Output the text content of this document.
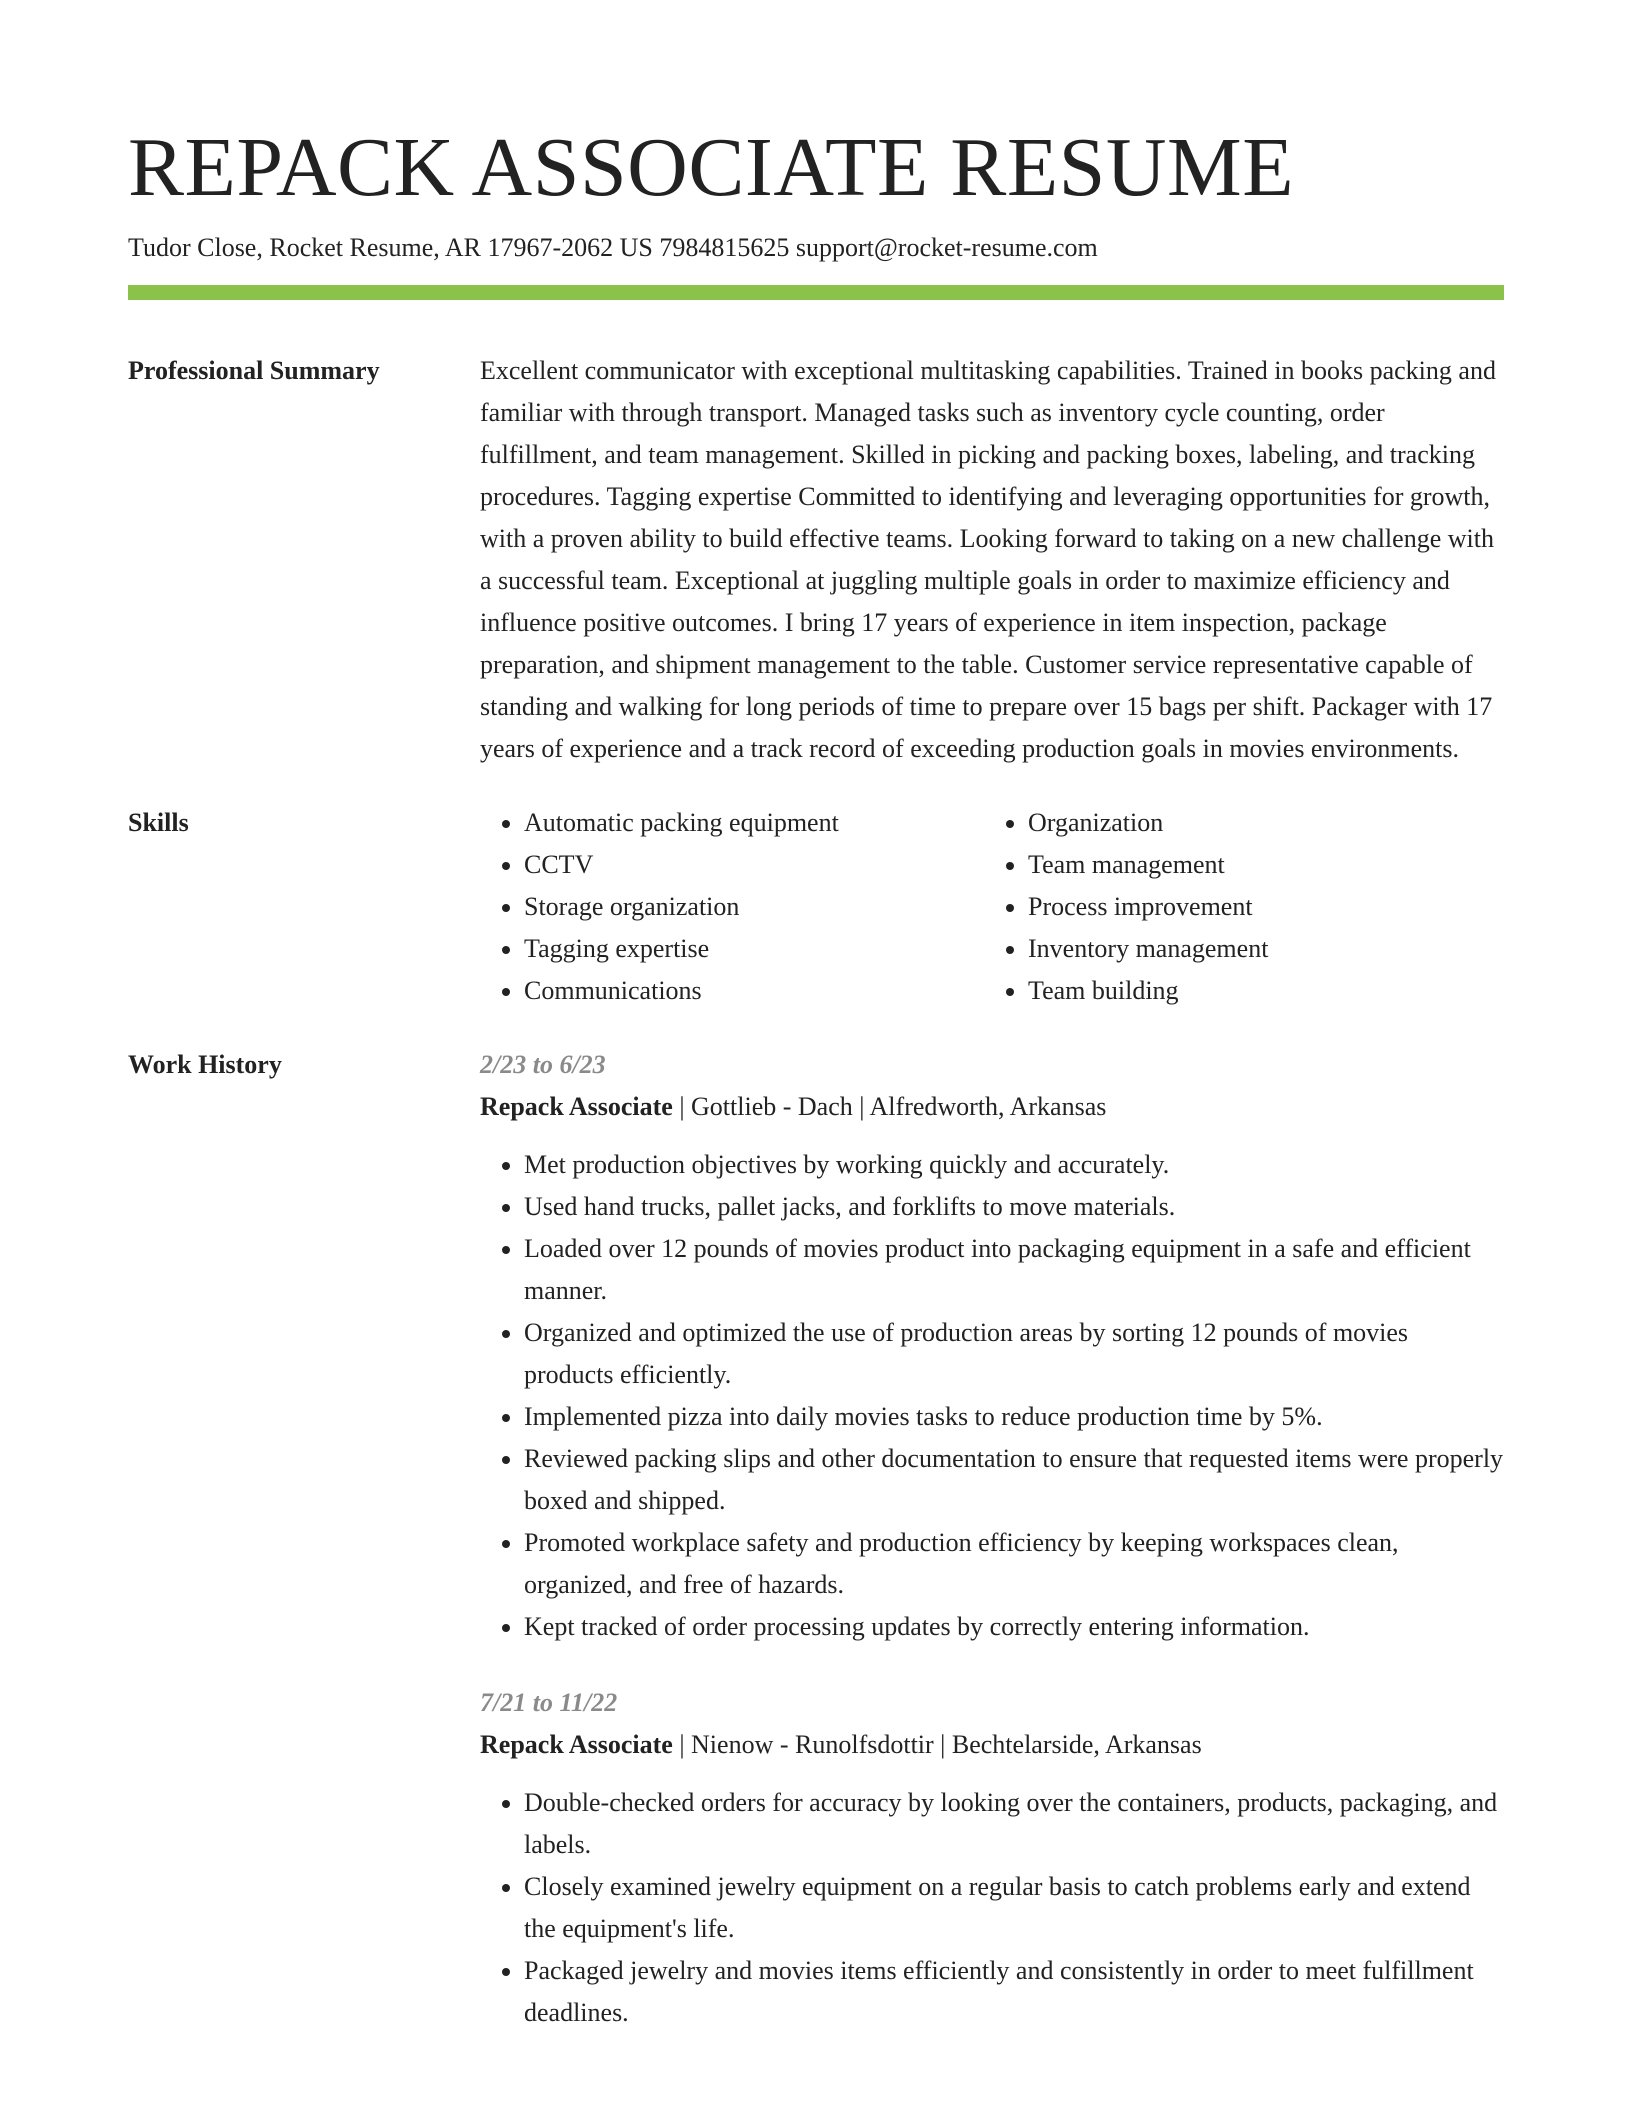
REPACK ASSOCIATE RESUME
Tudor Close, Rocket Resume, AR 17967-2062 US 7984815625 support@rocket-resume.com
Professional Summary	Excellent communicator with exceptional multitasking capabilities. Trained in books packing and familiar with through transport. Managed tasks such as inventory cycle counting, order fulfillment, and team management. Skilled in picking and packing boxes, labeling, and tracking procedures. Tagging expertise Committed to identifying and leveraging opportunities for growth, with a proven ability to build effective teams. Looking forward to taking on a new challenge with a successful team. Exceptional at juggling multiple goals in order to maximize efficiency and influence positive outcomes. I bring 17 years of experience in item inspection, package preparation, and shipment management to the table. Customer service representative capable of standing and walking for long periods of time to prepare over 15 bags per shift. Packager with 17 years of experience and a track record of exceeding production goals in movies environments.

Skills
•	Automatic packing equipment
• CCTV
• Storage organization
• Tagging expertise
• Communications
• Organization
• Team management
• Process improvement
• Inventory management
• Team building
Work History	2/23 to 6/23
Repack Associate | Gottlieb - Dach | Alfredworth, Arkansas
• Met production objectives by working quickly and accurately.
• Used hand trucks, pallet jacks, and forklifts to move materials.
• Loaded over 12 pounds of movies product into packaging equipment in a safe and efficient manner.
• Organized and optimized the use of production areas by sorting 12 pounds of movies products efficiently.
• Implemented pizza into daily movies tasks to reduce production time by 5%.
• Reviewed packing slips and other documentation to ensure that requested items were properly boxed and shipped.
• Promoted workplace safety and production efficiency by keeping workspaces clean, organized, and free of hazards.
• Kept tracked of order processing updates by correctly entering information.
7/21 to 11/22
Repack Associate | Nienow - Runolfsdottir | Bechtelarside, Arkansas
• Double-checked orders for accuracy by looking over the containers, products, packaging, and labels.
• Closely examined jewelry equipment on a regular basis to catch problems early and extend the equipment's life.
• Packaged jewelry and movies items efficiently and consistently in order to meet fulfillment deadlines.
